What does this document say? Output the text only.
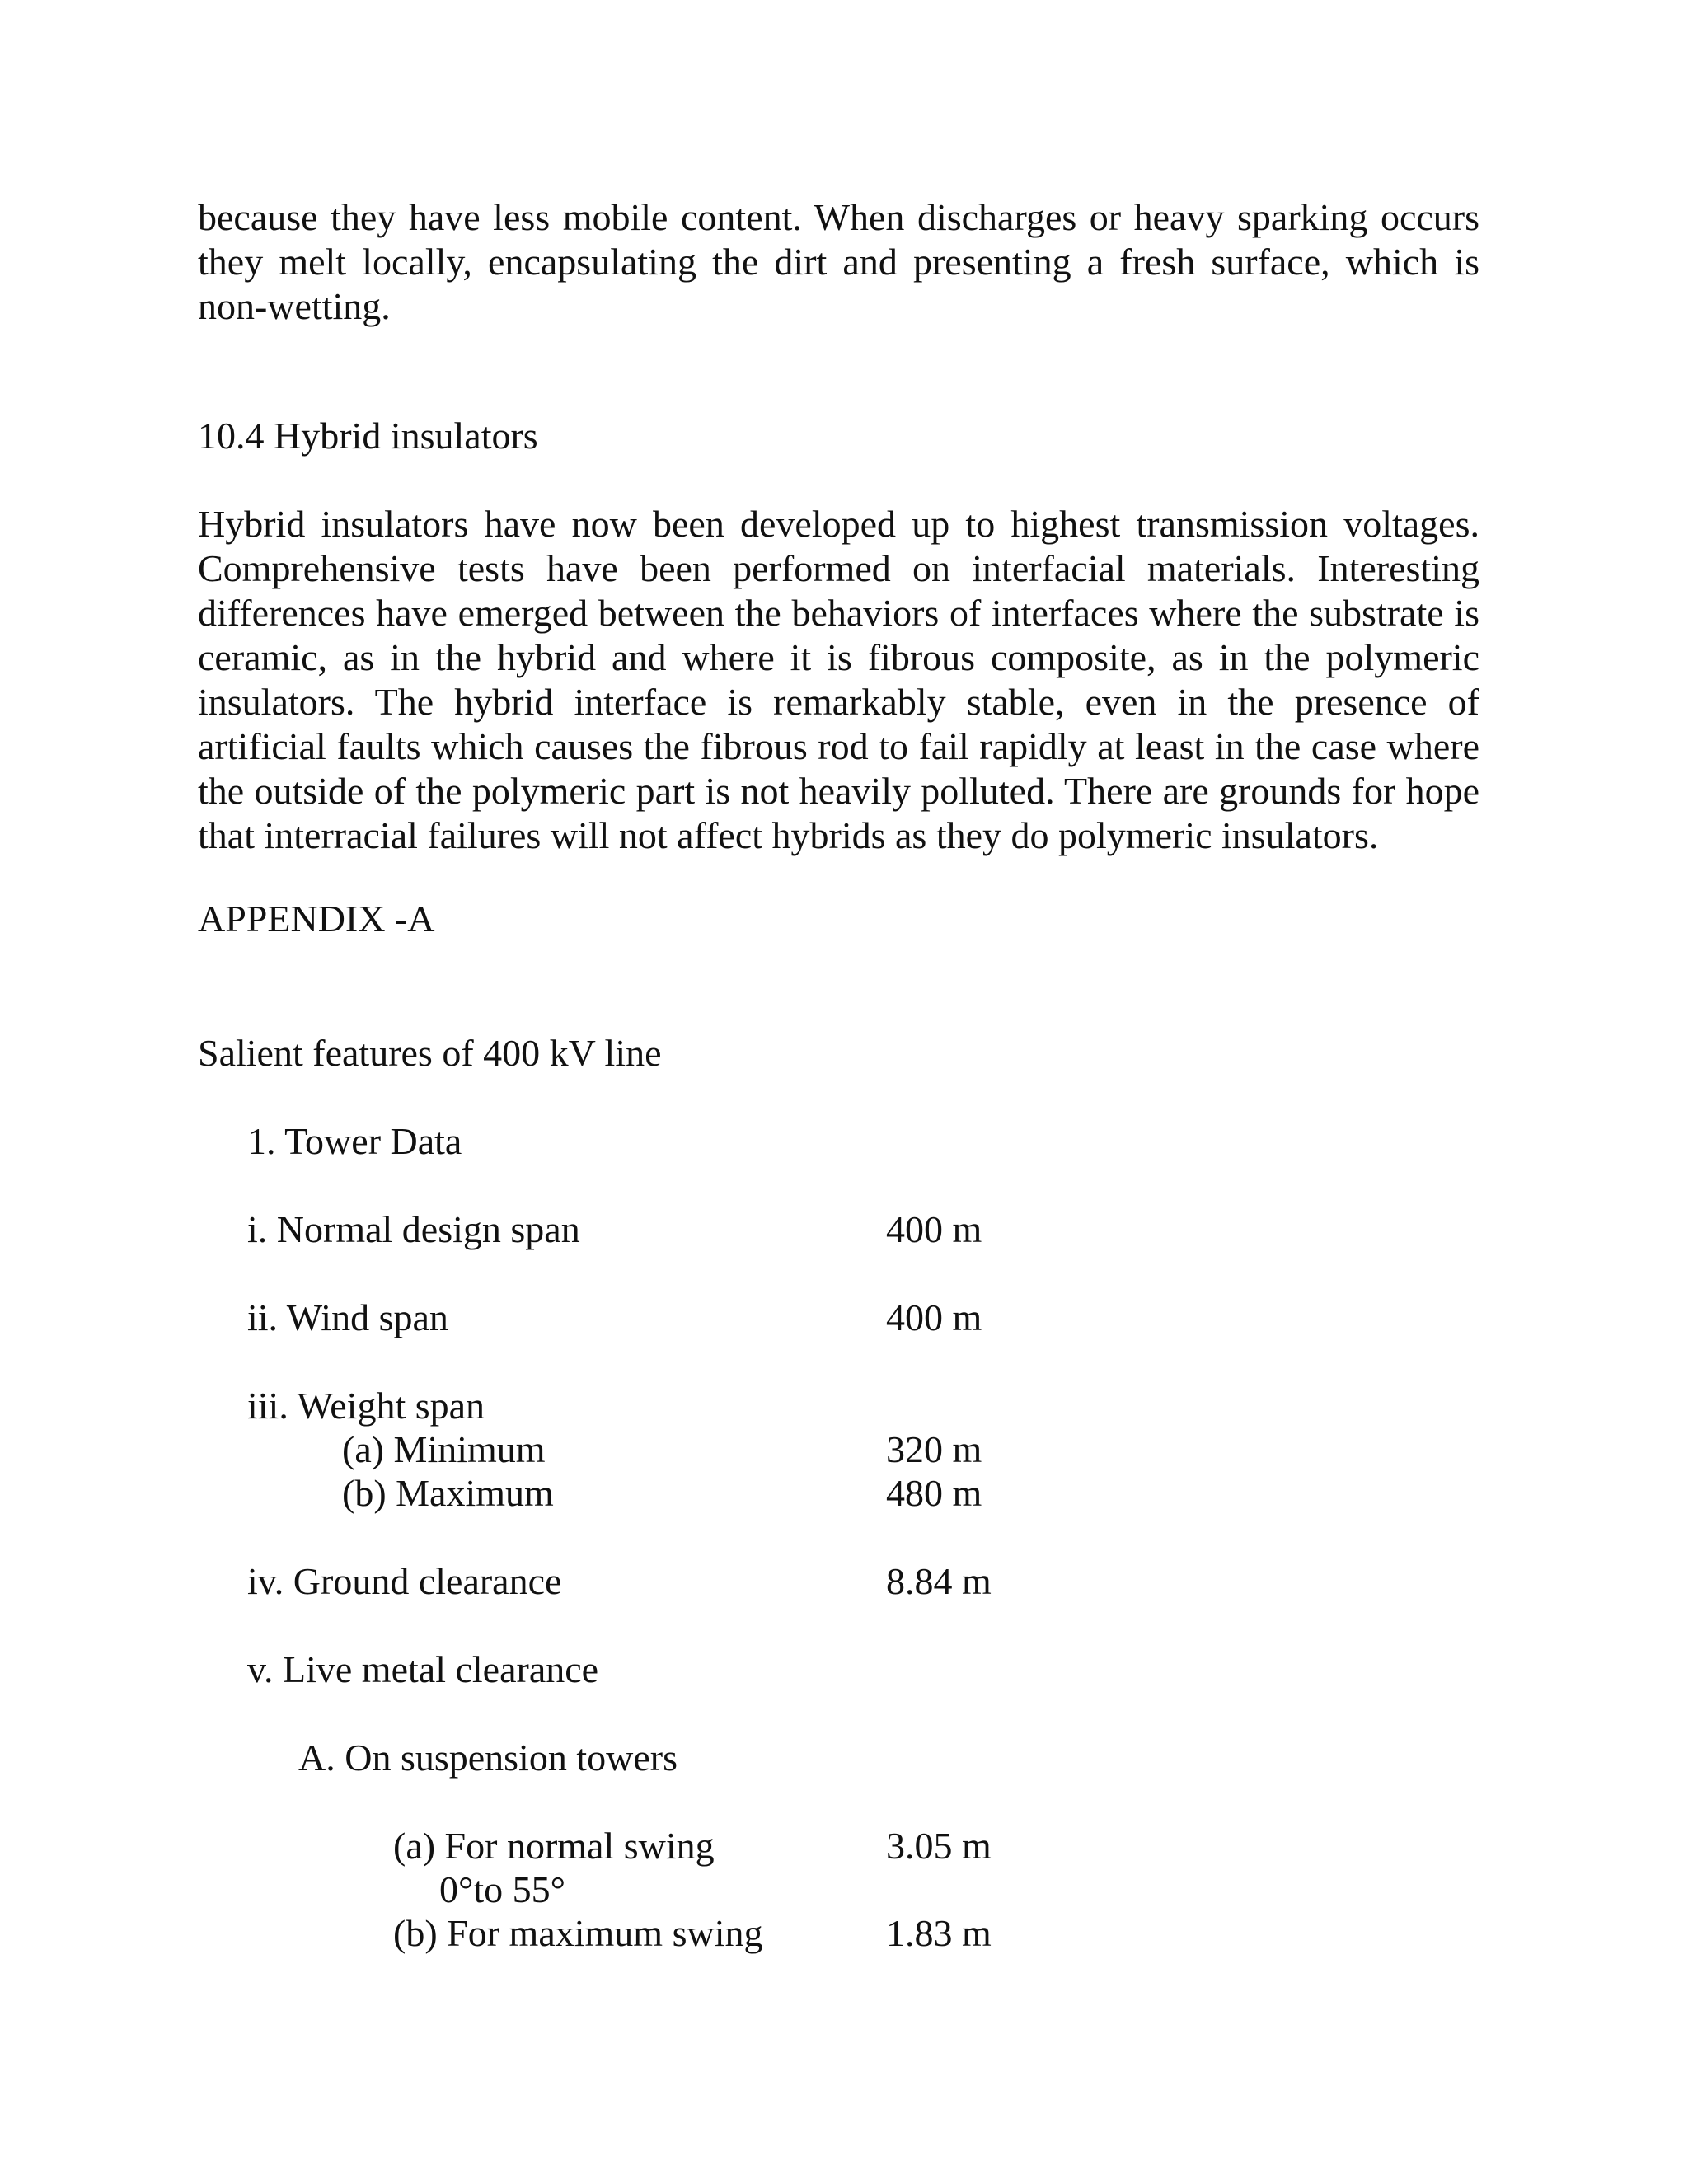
because they have less mobile content. When discharges or heavy sparking occurs they melt locally, encapsulating the dirt and presenting a fresh surface, which is non-wetting.
10.4 Hybrid insulators
Hybrid insulators have now been developed up to highest transmission voltages. Comprehensive tests have been performed on interfacial materials. Interesting differences have emerged between the behaviors of interfaces where the substrate is ceramic, as in the hybrid and where it is fibrous composite, as in the polymeric insulators. The hybrid interface is remarkably stable, even in the presence of artificial faults which causes the fibrous rod to fail rapidly at least in the case where the outside of the polymeric part is not heavily polluted. There are grounds for hope that interracial failures will not affect hybrids as they do polymeric insulators.
APPENDIX -A
Salient features of 400 kV line
1. Tower Data
i. Normal design span	400 m
ii. Wind span	400 m
iii. Weight span
(a) Minimum	320 m
(b) Maximum	480 m
iv. Ground clearance	8.84 m
v. Live metal clearance
A. On suspension towers
(a) For normal swing	3.05 m
0°to 55°
(b) For maximum swing	1.83 m
